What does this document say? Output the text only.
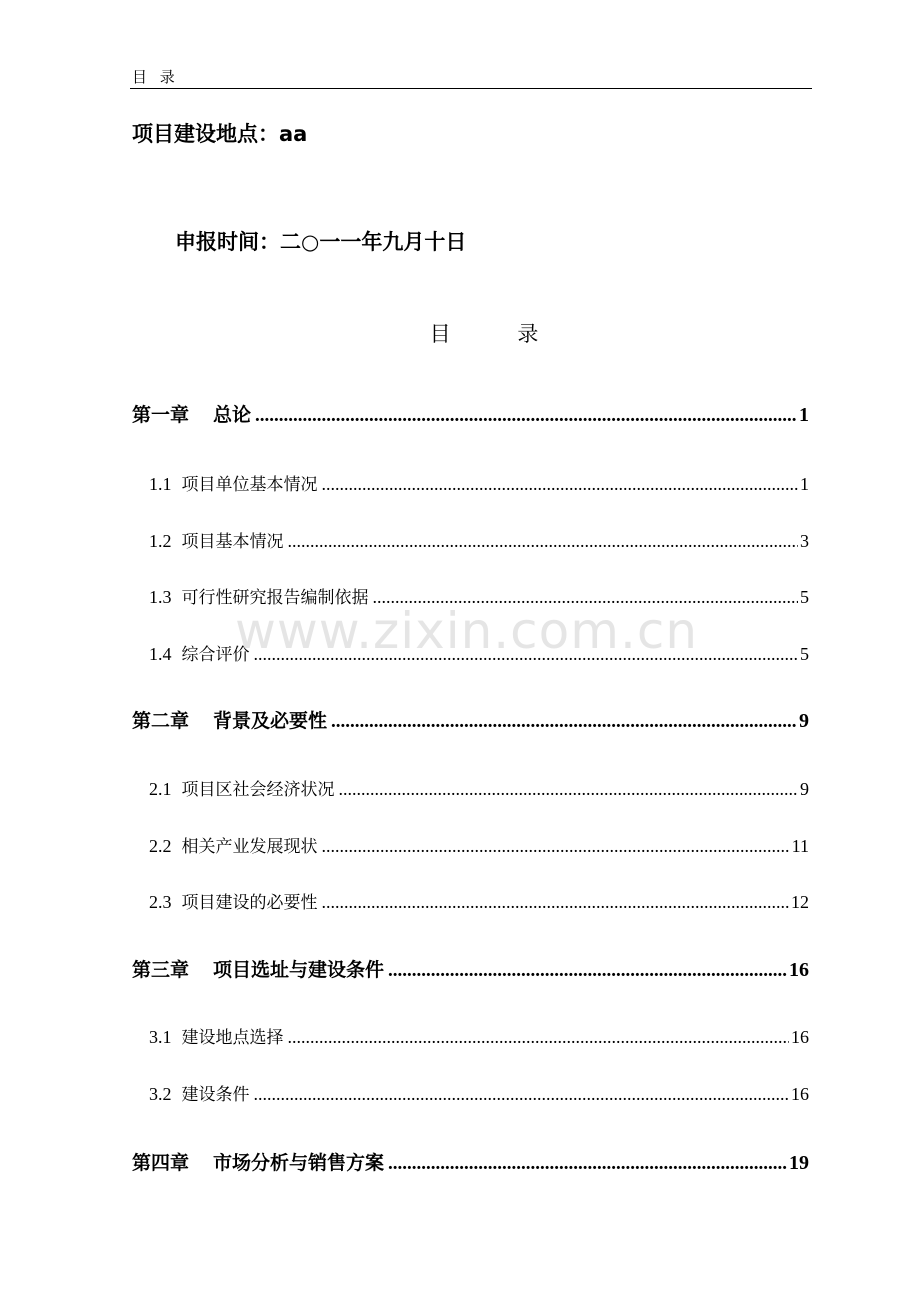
目 录
项目建设地点：aa
申报时间：二○一一年九月十日
目 录
第一章 总论 .....	1
1.1 项目单位基本情况 .....	1
1.2 项目基本情况 .....	3
1.3 可行性研究报告编制依据 .....	5
1.4 综合评价 .....	5
第二章 背景及必要性 .....	9
2.1 项目区社会经济状况 .....	9
2.2 相关产业发展现状 .....	11
2.3 项目建设的必要性 .....	12
第三章 项目选址与建设条件 .....	16
3.1 建设地点选择 .....	16
3.2 建设条件 .....	16
第四章 市场分析与销售方案 .....	19
www.zixin.com.cn
